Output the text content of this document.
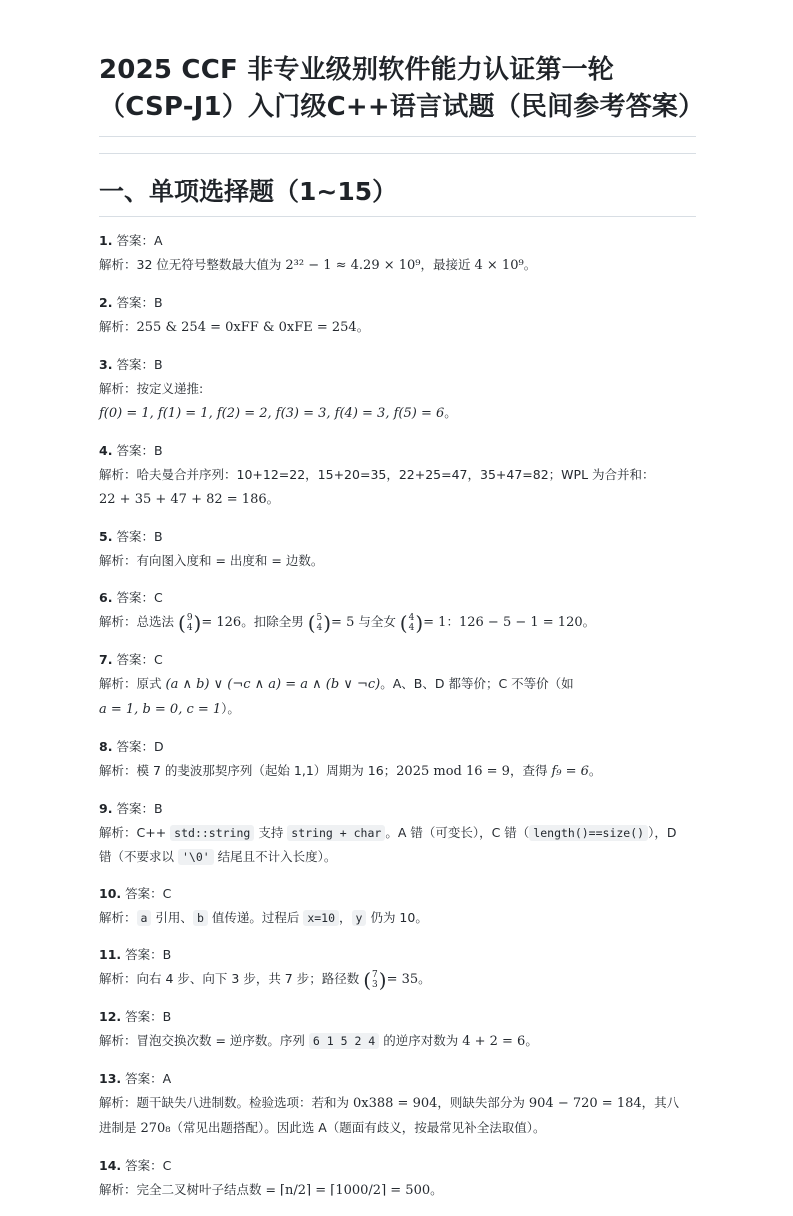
2025 CCF 非专业级别软件能力认证第一轮（CSP-J1）入门级C++语言试题（民间参考答案）
一、单项选择题（1~15）
1. 答案：A
解析：32 位无符号整数最大值为 2³² − 1 ≈ 4.29 × 10⁹，最接近 4 × 10⁹。
2. 答案：B
解析：255 & 254 = 0xFF & 0xFE = 254。
3. 答案：B
解析：按定义递推:
f(0) = 1, f(1) = 1, f(2) = 2, f(3) = 3, f(4) = 3, f(5) = 6。
4. 答案：B
解析：哈夫曼合并序列：10+12=22，15+20=35，22+25=47，35+47=82；WPL 为合并和：
22 + 35 + 47 + 82 = 186。
5. 答案：B
解析：有向图入度和 = 出度和 = 边数。
6. 答案：C
解析：总选法 ( 9
4 ) = 126。扣除全男 ( 5
4 ) = 5 与全女 ( 4
4 ) = 1：126 − 5 − 1 = 120。
7. 答案：C
解析：原式 (a ∧ b) ∨ (¬c ∧ a) = a ∧ (b ∨ ¬c)。A、B、D 都等价；C 不等价（如
a = 1, b = 0, c = 1）。
8. 答案：D
解析：模 7 的斐波那契序列（起始 1,1）周期为 16；2025 mod 16 = 9，查得 f₉ = 6。
9. 答案：B
解析：C++ std::string 支持 string + char 。A 错（可变长），C 错（ length()==size() ），D
错（不要求以 '\0' 结尾且不计入长度）。
10. 答案：C
解析： a 引用、 b 值传递。过程后 x=10 ， y 仍为 10。
11. 答案：B
解析：向右 4 步、向下 3 步，共 7 步；路径数 ( 7
3 ) = 35。
12. 答案：B
解析：冒泡交换次数 = 逆序数。序列 6 1 5 2 4 的逆序对数为 4 + 2 = 6。
13. 答案：A
解析：题干缺失八进制数。检验选项：若和为 0x388 = 904，则缺失部分为 904 − 720 = 184，其八
进制是 270₈（常见出题搭配）。因此选 A（题面有歧义，按最常见补全法取值）。
14. 答案：C
解析：完全二叉树叶子结点数 = ⌈n/2⌉ = ⌈1000/2⌉ = 500。
